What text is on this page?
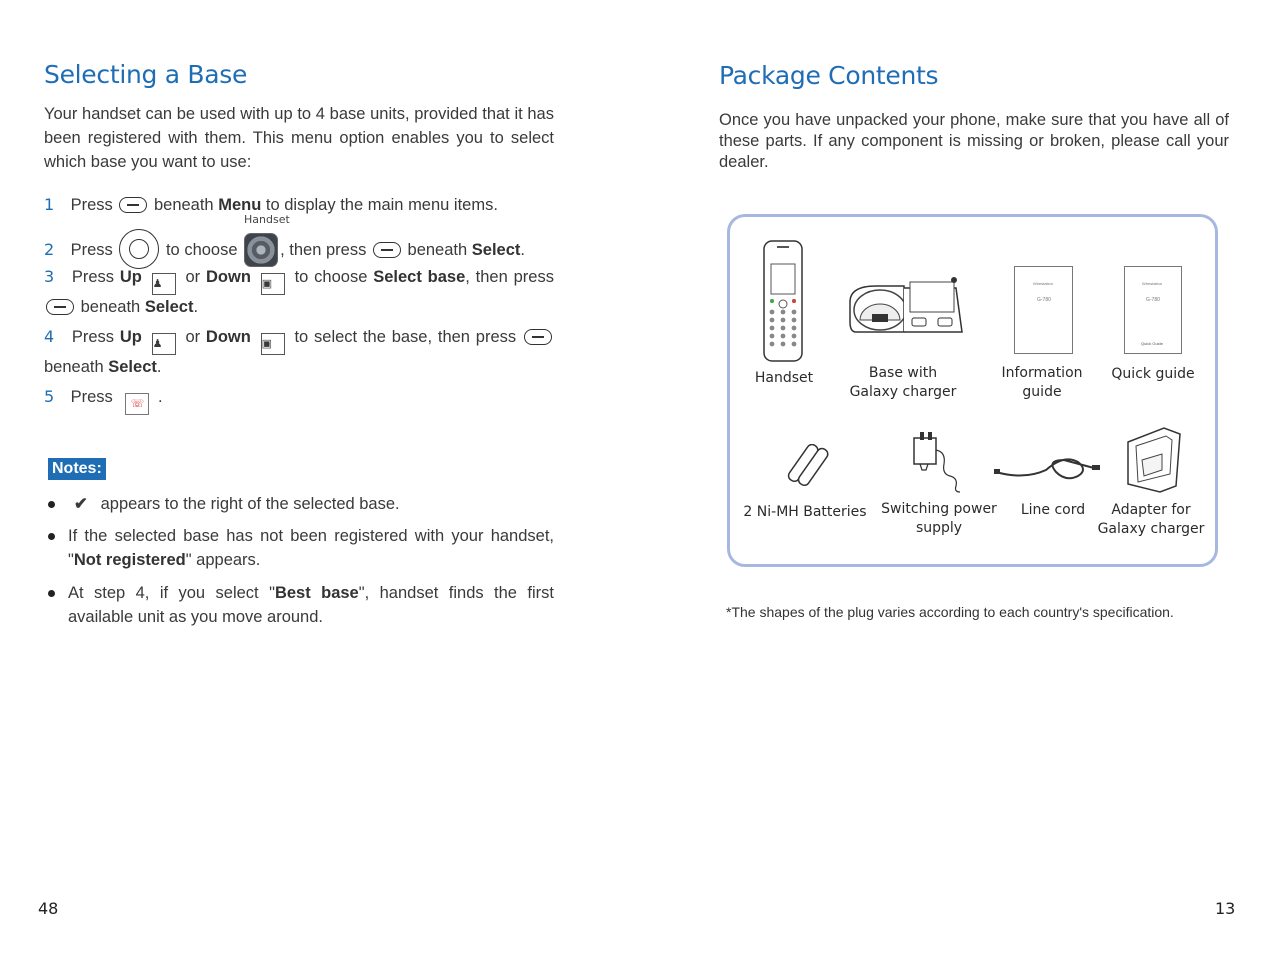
Selecting a Base

Your handset can be used with up to 4 base units, provided that it has been registered with them. This menu option enables you to select which base you want to use:

Handset
1 Press beneath Menu to display the main menu items.
2 Press	to choose	, then press beneath Select.
3 Press Up ♟ or Down ▣ to choose Select base, then press  beneath Select.
4 Press Up ♟ or Down ▣ to select the base, then press  beneath Select.
5 Press ☏ .
Notes:
✔ appears to the right of the selected base.
If the selected base has not been registered with your handset, "Not registered" appears.
At step 4, if you select "Best base", handset finds the first available unit as you move around.
48
Package Contents

Once you have unpacked your phone, make sure that you have all of these parts. If any component is missing or broken, please call your dealer.

Wirestation
G-780
Wirestation
G-780
Quick Guide
Handset	Base with
Galaxy charger
Information
guide
Quick guide
2 Ni-MH Batteries	Switching power
supply
Line cord	Adapter for
Galaxy charger

*The shapes of the plug varies according to each country's specification.

13
